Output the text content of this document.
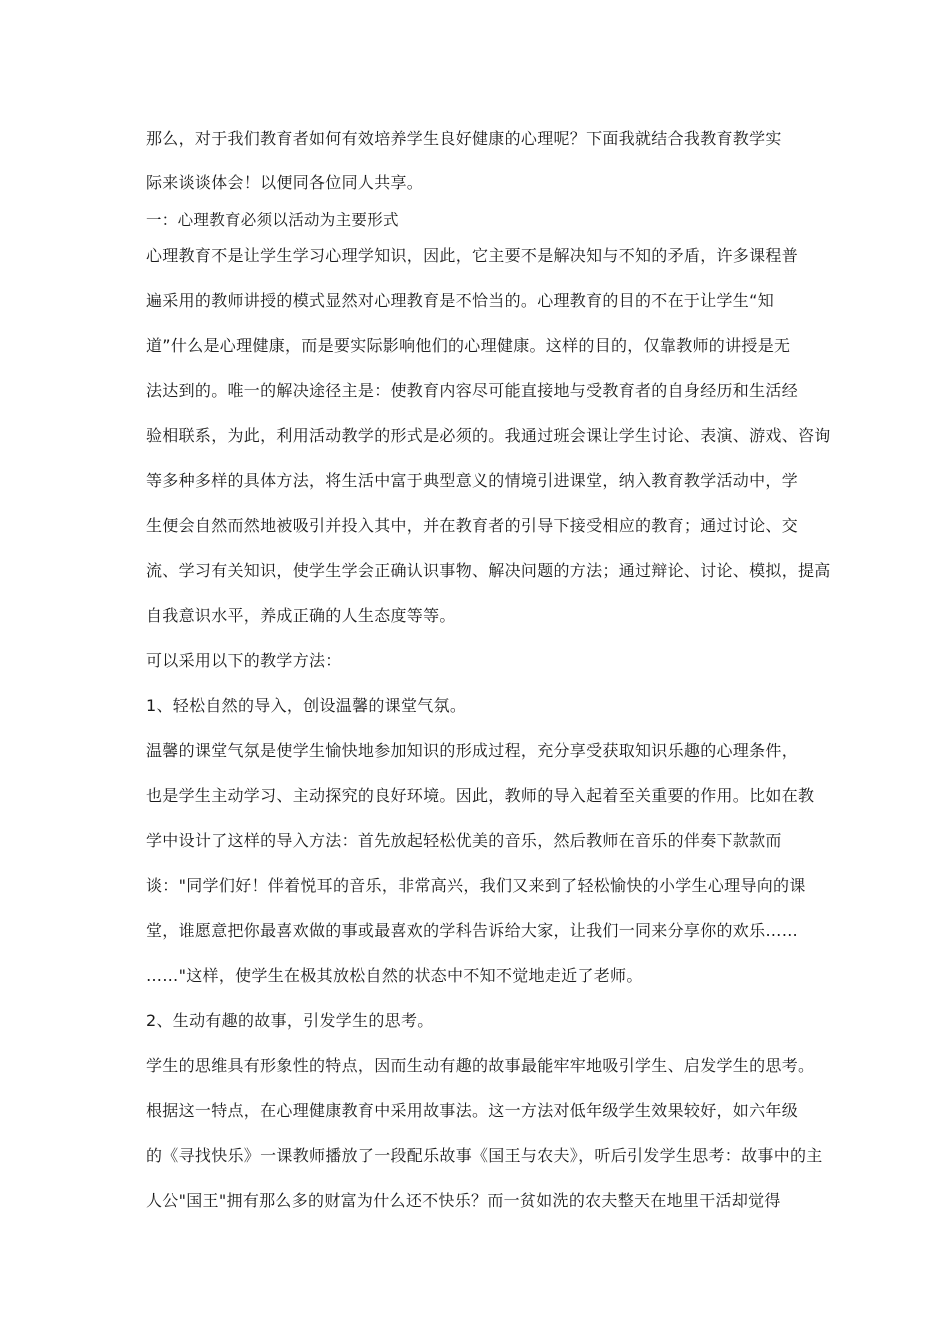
那么，对于我们教育者如何有效培养学生良好健康的心理呢？下面我就结合我教育教学实
际来谈谈体会！以便同各位同人共享。
一：心理教育必须以活动为主要形式
心理教育不是让学生学习心理学知识，因此，它主要不是解决知与不知的矛盾，许多课程普
遍采用的教师讲授的模式显然对心理教育是不恰当的。心理教育的目的不在于让学生“知
道”什么是心理健康，而是要实际影响他们的心理健康。这样的目的，仅靠教师的讲授是无
法达到的。唯一的解决途径主是：使教育内容尽可能直接地与受教育者的自身经历和生活经
验相联系，为此，利用活动教学的形式是必须的。我通过班会课让学生讨论、表演、游戏、咨询
等多种多样的具体方法，将生活中富于典型意义的情境引进课堂，纳入教育教学活动中，学
生便会自然而然地被吸引并投入其中，并在教育者的引导下接受相应的教育；通过讨论、交
流、学习有关知识，使学生学会正确认识事物、解决问题的方法；通过辩论、讨论、模拟，提高
自我意识水平，养成正确的人生态度等等。
可以采用以下的教学方法：
1、轻松自然的导入，创设温馨的课堂气氛。
温馨的课堂气氛是使学生愉快地参加知识的形成过程，充分享受获取知识乐趣的心理条件，
也是学生主动学习、主动探究的良好环境。因此，教师的导入起着至关重要的作用。比如在教
学中设计了这样的导入方法：首先放起轻松优美的音乐，然后教师在音乐的伴奏下款款而
谈："同学们好！伴着悦耳的音乐，非常高兴，我们又来到了轻松愉快的小学生心理导向的课
堂，谁愿意把你最喜欢做的事或最喜欢的学科告诉给大家，让我们一同来分享你的欢乐……
……"这样，使学生在极其放松自然的状态中不知不觉地走近了老师。
2、生动有趣的故事，引发学生的思考。
学生的思维具有形象性的特点，因而生动有趣的故事最能牢牢地吸引学生、启发学生的思考。
根据这一特点，在心理健康教育中采用故事法。这一方法对低年级学生效果较好，如六年级
的《寻找快乐》一课教师播放了一段配乐故事《国王与农夫》，听后引发学生思考：故事中的主
人公"国王"拥有那么多的财富为什么还不快乐？而一贫如洗的农夫整天在地里干活却觉得
